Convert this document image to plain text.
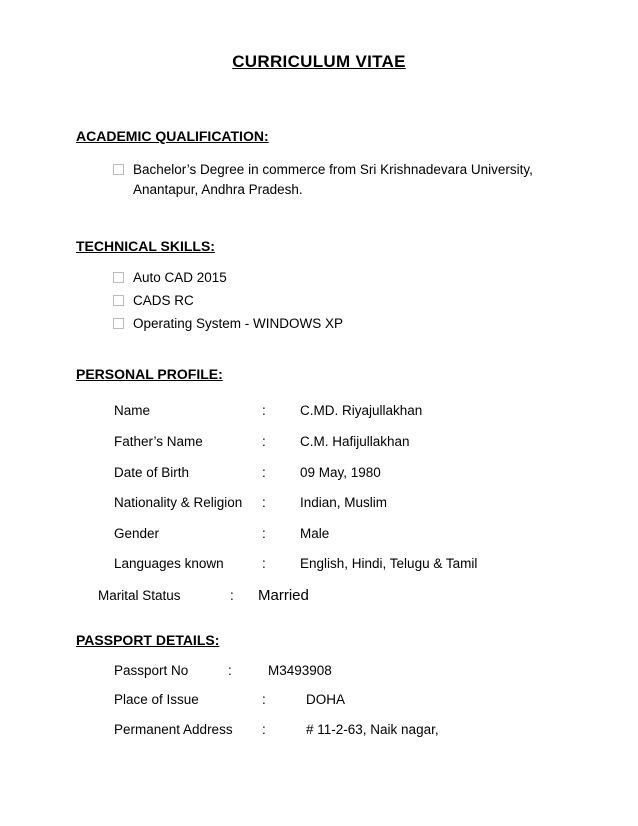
CURRICULUM VITAE
ACADEMIC QUALIFICATION:
Bachelor’s Degree in commerce from Sri Krishnadevara University, Anantapur, Andhra Pradesh.
TECHNICAL SKILLS:
Auto CAD 2015
CADS RC
Operating System - WINDOWS XP
PERSONAL PROFILE:
Name	:	C.MD. Riyajullakhan
Father’s Name	:	C.M. Hafijullakhan
Date of Birth	:	09 May, 1980
Nationality & Religion :	Indian, Muslim
Gender	:	Male
Languages known	:	English, Hindi, Telugu & Tamil
Marital Status	: Married
PASSPORT DETAILS:
Passport No	:	M3493908
Place of Issue	:	DOHA
Permanent Address :	# 11-2-63, Naik nagar,
